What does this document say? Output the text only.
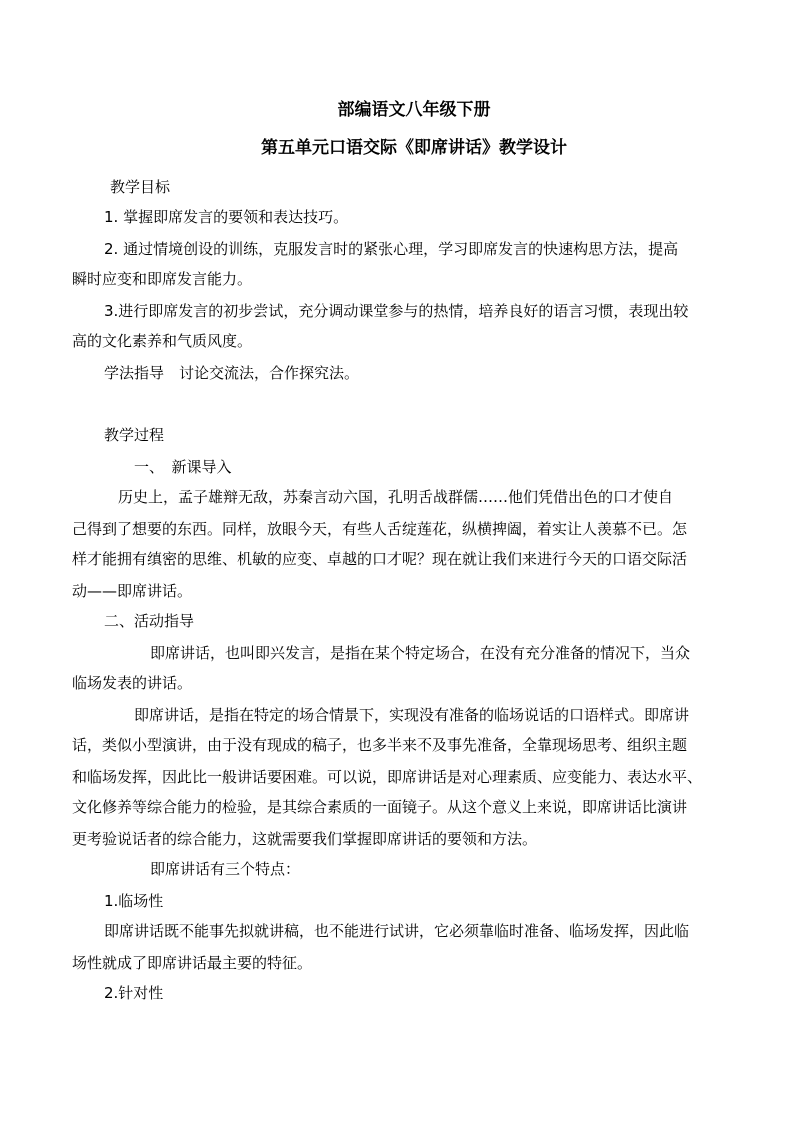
部编语文八年级下册
第五单元口语交际《即席讲话》教学设计
教学目标
1. 掌握即席发言的要领和表达技巧。
2. 通过情境创设的训练，克服发言时的紧张心理，学习即席发言的快速构思方法，提高
瞬时应变和即席发言能力。
3.进行即席发言的初步尝试，充分调动课堂参与的热情，培养良好的语言习惯，表现出较
高的文化素养和气质风度。
学法指导　讨论交流法，合作探究法。
教学过程
一、　新课导入
历史上，孟子雄辩无敌，苏秦言动六国，孔明舌战群儒……他们凭借出色的口才使自
己得到了想要的东西。同样，放眼今天，有些人舌绽莲花，纵横捭阖，着实让人羡慕不已。怎
样才能拥有缜密的思维、机敏的应变、卓越的口才呢？现在就让我们来进行今天的口语交际活
动——即席讲话。
二、活动指导
即席讲话，也叫即兴发言，是指在某个特定场合，在没有充分准备的情况下，当众
临场发表的讲话。
即席讲话，是指在特定的场合情景下，实现没有准备的临场说话的口语样式。即席讲
话，类似小型演讲，由于没有现成的稿子，也多半来不及事先准备，全靠现场思考、组织主题
和临场发挥，因此比一般讲话要困难。可以说，即席讲话是对心理素质、应变能力、表达水平、
文化修养等综合能力的检验，是其综合素质的一面镜子。从这个意义上来说，即席讲话比演讲
更考验说话者的综合能力，这就需要我们掌握即席讲话的要领和方法。
即席讲话有三个特点：
1.临场性
即席讲话既不能事先拟就讲稿，也不能进行试讲，它必须靠临时准备、临场发挥，因此临
场性就成了即席讲话最主要的特征。
2.针对性
